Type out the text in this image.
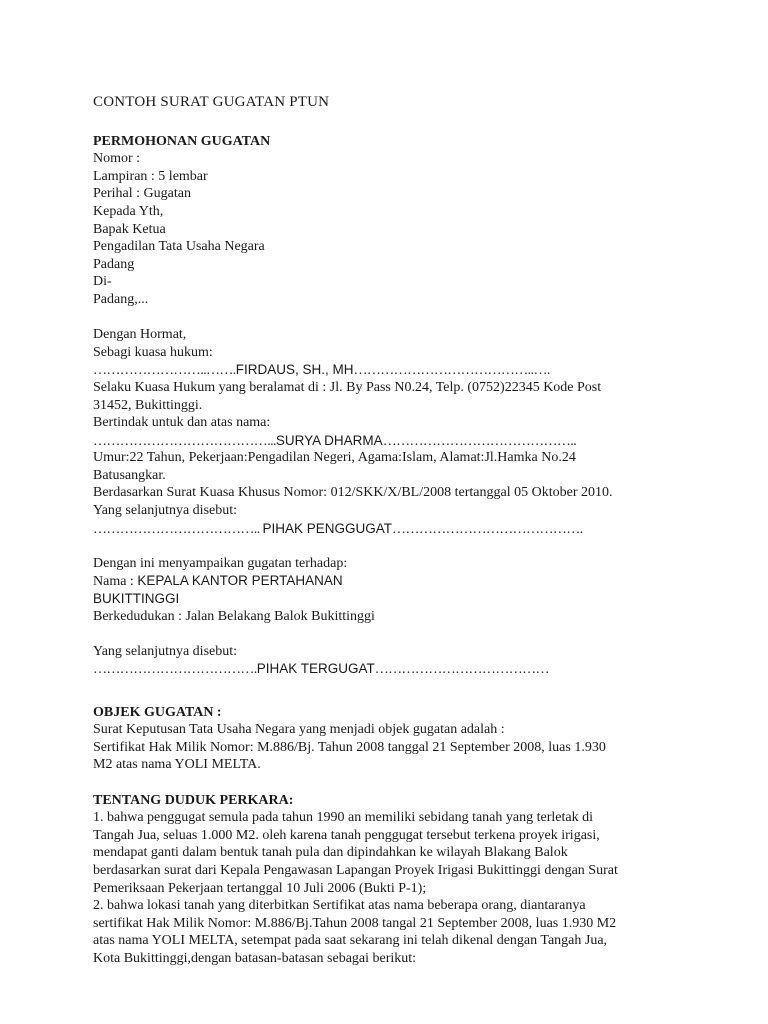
CONTOH SURAT GUGATAN PTUN
PERMOHONAN GUGATAN
Nomor :
Lampiran : 5 lembar
Perihal : Gugatan
Kepada Yth,
Bapak Ketua
Pengadilan Tata Usaha Negara
Padang
Di-
Padang,...
Dengan Hormat,
Sebagi kuasa hukum:
……………………..…….FIRDAUS, SH., MH…………………………………..….
Selaku Kuasa Hukum yang beralamat di : Jl. By Pass N0.24, Telp. (0752)22345 Kode Post
31452, Bukittinggi.
Bertindak untuk dan atas nama:
…………………………………...SURYA DHARMA……………………………………..
Umur:22 Tahun, Pekerjaan:Pengadilan Negeri, Agama:Islam, Alamat:Jl.Hamka No.24
Batusangkar.
Berdasarkan Surat Kuasa Khusus Nomor: 012/SKK/X/BL/2008 tertanggal 05 Oktober 2010.
Yang selanjutnya disebut:
……………………………….. PIHAK PENGGUGAT…………………………………….
Dengan ini menyampaikan gugatan terhadap:
Nama : KEPALA KANTOR PERTAHANAN
BUKITTINGGI
Berkedudukan : Jalan Belakang Balok Bukittinggi
Yang selanjutnya disebut:
……………………………….PIHAK TERGUGAT…………………………………
OBJEK GUGATAN :
Surat Keputusan Tata Usaha Negara yang menjadi objek gugatan adalah :
Sertifikat Hak Milik Nomor: M.886/Bj. Tahun 2008 tanggal 21 September 2008, luas 1.930
M2 atas nama YOLI MELTA.
TENTANG DUDUK PERKARA:
1. bahwa penggugat semula pada tahun 1990 an memiliki sebidang tanah yang terletak di
Tangah Jua, seluas 1.000 M2. oleh karena tanah penggugat tersebut terkena proyek irigasi,
mendapat ganti dalam bentuk tanah pula dan dipindahkan ke wilayah Blakang Balok
berdasarkan surat dari Kepala Pengawasan Lapangan Proyek Irigasi Bukittinggi dengan Surat
Pemeriksaan Pekerjaan tertanggal 10 Juli 2006 (Bukti P-1);
2. bahwa lokasi tanah yang diterbitkan Sertifikat atas nama beberapa orang, diantaranya
sertifikat Hak Milik Nomor: M.886/Bj.Tahun 2008 tangal 21 September 2008, luas 1.930 M2
atas nama YOLI MELTA, setempat pada saat sekarang ini telah dikenal dengan Tangah Jua,
Kota Bukittinggi,dengan batasan-batasan sebagai berikut:
